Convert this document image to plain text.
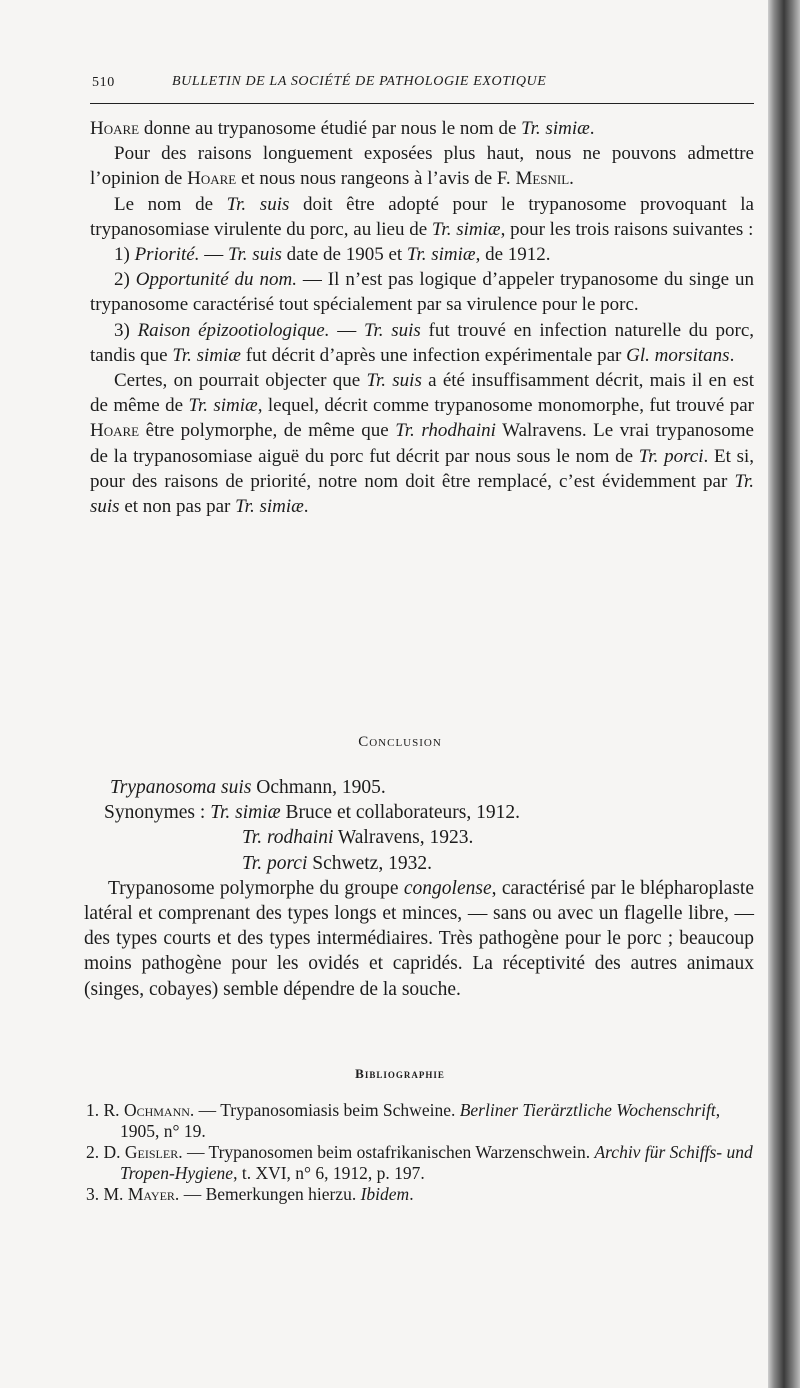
510	BULLETIN DE LA SOCIÉTÉ DE PATHOLOGIE EXOTIQUE

Hoare donne au trypanosome étudié par nous le nom de Tr. simiæ.

Pour des raisons longuement exposées plus haut, nous ne pouvons admettre l’opinion de Hoare et nous nous rangeons à l’avis de F. Mesnil.

Le nom de Tr. suis doit être adopté pour le trypanosome provoquant la trypanosomiase virulente du porc, au lieu de Tr. simiæ, pour les trois raisons suivantes :

1) Priorité. — Tr. suis date de 1905 et Tr. simiæ, de 1912.

2) Opportunité du nom. — Il n’est pas logique d’appeler trypanosome du singe un trypanosome caractérisé tout spécialement par sa virulence pour le porc.

3) Raison épizootiologique. — Tr. suis fut trouvé en infection naturelle du porc, tandis que Tr. simiæ fut décrit d’après une infection expérimentale par Gl. morsitans.

Certes, on pourrait objecter que Tr. suis a été insuffisamment décrit, mais il en est de même de Tr. simiæ, lequel, décrit comme trypanosome monomorphe, fut trouvé par Hoare être polymorphe, de même que Tr. rhodhaini Walravens. Le vrai trypanosome de la trypanosomiase aiguë du porc fut décrit par nous sous le nom de Tr. porci. Et si, pour des raisons de priorité, notre nom doit être remplacé, c’est évidemment par Tr. suis et non pas par Tr. simiæ.

Conclusion
Trypanosoma suis Ochmann, 1905.
Synonymes : Tr. simiæ Bruce et collaborateurs, 1912.
Tr. rodhaini Walravens, 1923.
Tr. porci Schwetz, 1932.

Trypanosome polymorphe du groupe congolense, caractérisé par le blépharoplaste latéral et comprenant des types longs et minces, — sans ou avec un flagelle libre, — des types courts et des types intermédiaires. Très pathogène pour le porc ; beaucoup moins pathogène pour les ovidés et capridés. La réceptivité des autres animaux (singes, cobayes) semble dépendre de la souche.

Bibliographie
1. R. Ochmann. — Trypanosomiasis beim Schweine. Berliner Tierärztliche Wochenschrift, 1905, n° 19.
2. D. Geisler. — Trypanosomen beim ostafrikanischen Warzenschwein. Archiv für Schiffs- und Tropen-Hygiene, t. XVI, n° 6, 1912, p. 197.
3. M. Mayer. — Bemerkungen hierzu. Ibidem.
